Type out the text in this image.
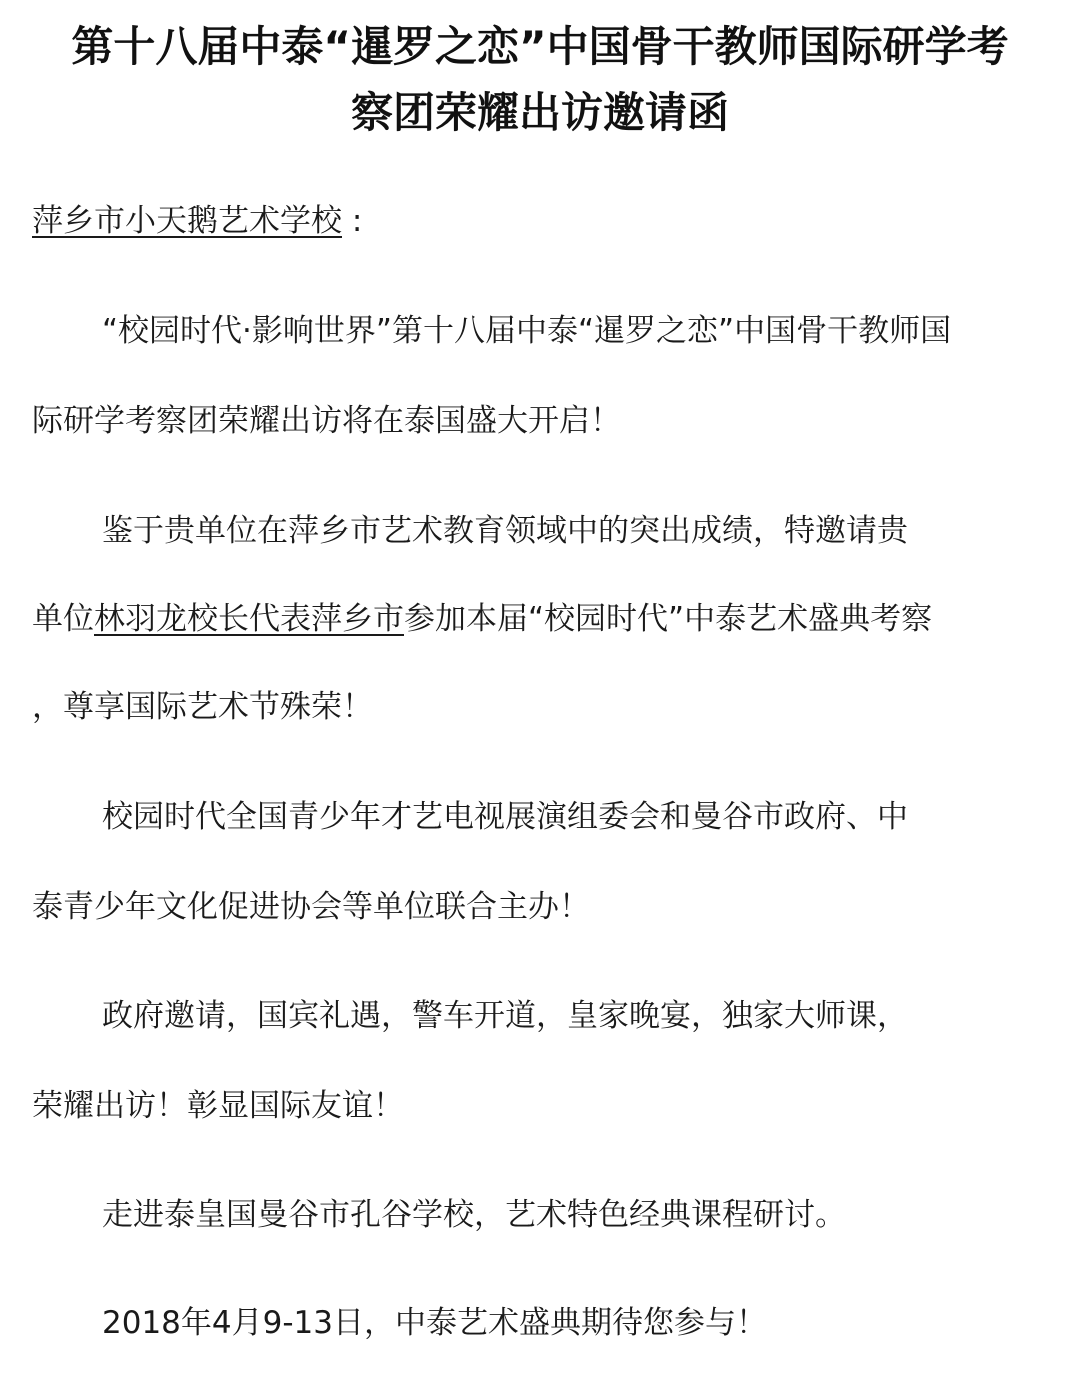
第十八届中泰“暹罗之恋”中国骨干教师国际研学考
察团荣耀出访邀请函
萍乡市小天鹅艺术学校 :
“校园时代·影响世界”第十八届中泰“暹罗之恋”中国骨干教师国
际研学考察团荣耀出访将在泰国盛大开启！
鉴于贵单位在萍乡市艺术教育领域中的突出成绩，特邀请贵
单位林羽龙校长代表萍乡市参加本届“校园时代”中泰艺术盛典考察
，尊享国际艺术节殊荣！
校园时代全国青少年才艺电视展演组委会和曼谷市政府、中
泰青少年文化促进协会等单位联合主办！
政府邀请，国宾礼遇，警车开道，皇家晚宴，独家大师课，
荣耀出访！彰显国际友谊！
走进泰皇国曼谷市孔谷学校，艺术特色经典课程研讨。
2018年4月9-13日，中泰艺术盛典期待您参与！
